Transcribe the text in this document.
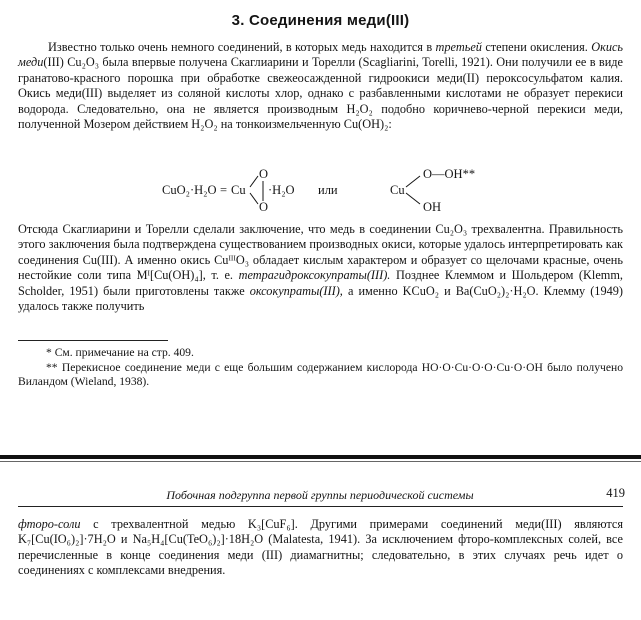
3. Соединения меди(III)

Известно только очень немного соединений, в которых медь находится в третьей степени окисления. Окись меди(III) Cu₂O₃ была впервые получена Скаглиарини и Торелли (Scagliarini, Torelli, 1921). Они получили ее в виде гранатово-красного порошка при обработке свежеосажденной гидроокиси меди(II) пероксосульфатом калия. Окись меди(III) выделяет из соляной кислоты хлор, однако с разбавленными кислотами не образует перекиси водорода. Следовательно, она не является производным H₂O₂ подобно коричнево-черной перекиси меди, полученной Мозером действием H₂O₂ на тонкоизмельченную Cu(OH)₂:

CuO₂·H₂O = Cu
O
O
·H₂O или	Cu
O—OH**
OH

Отсюда Скаглиарини и Торелли сделали заключение, что медь в соединении Cu₂O₃ трехвалентна. Правильность этого заключения была подтверждена существованием производных окиси, которые удалось интерпретировать как соединения Cu(III). А именно окись CuᴵᴵᴵO₃ обладает кислым характером и образует со щелочами красные, очень нестойкие соли типа Mᴵ[Cu(OH)₄], т. е. тетрагидроксокупраты(III). Позднее Клеммом и Шольдером (Klemm, Scholder, 1951) были приготовлены также оксокупраты(III), а именно KCuO₂ и Ba(CuO₂)₂·H₂O. Клемму (1949) удалось также получить

* См. примечание на стр. 409.

** Перекисное соединение меди с еще большим содержанием кислорода HO·O·Cu·O·O·Cu·O·OH было получено Виландом (Wieland, 1938).

Побочная подгруппа первой группы периодической системы	419

фторо-соли с трехвалентной медью K₃[CuF₆]. Другими примерами соединений меди(III) являются K₇[Cu(IO₆)₂]·7H₂O и Na₅H₄[Cu(TeO₆)₂]·18H₂O (Malatesta, 1941). За исключением фторо-комплексных солей, все перечисленные в конце соединения меди (III) диамагнитны; следовательно, в этих случаях речь идет о соединениях с комплексами внедрения.
